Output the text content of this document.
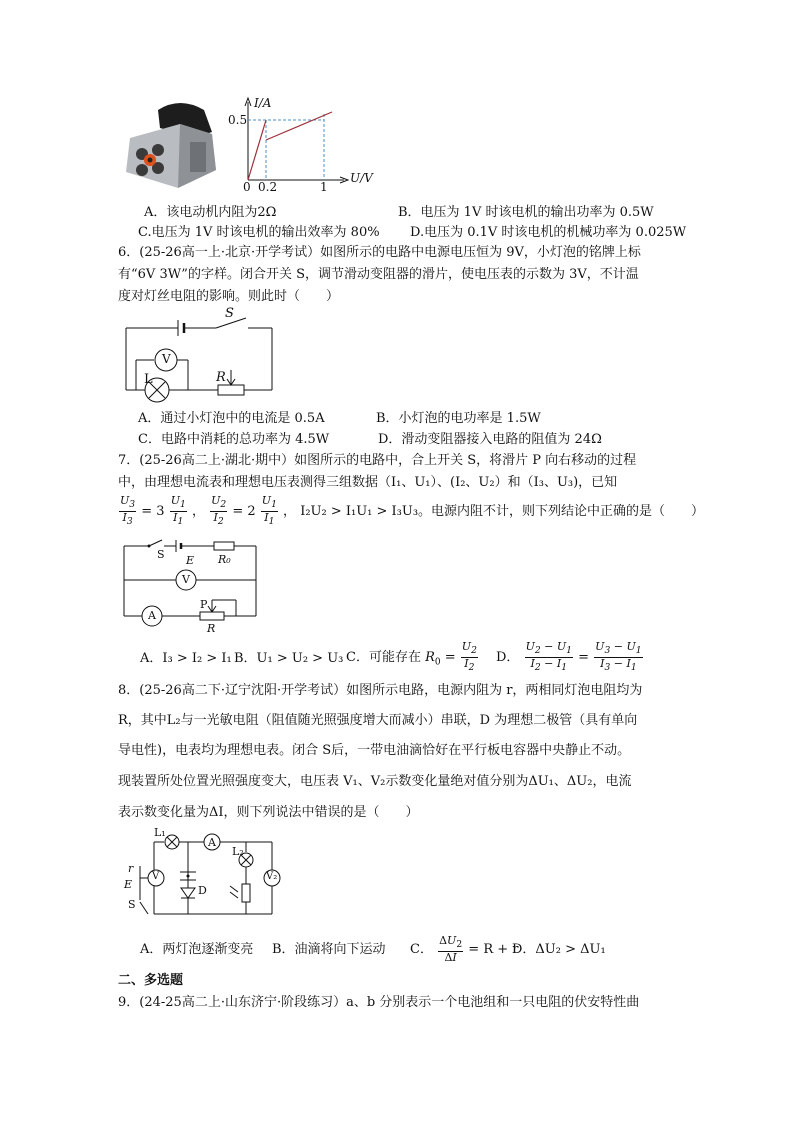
I/A
0.5
0 0.2	1
U/V
A．该电动机内阻为2Ω	B．电压为 1V 时该电机的输出功率为 0.5W
C.电压为 1V 时该电机的输出效率为 80% D.电压为 0.1V 时该电机的机械功率为 0.025W
6．(25-26高一上·北京·开学考试）如图所示的电路中电源电压恒为 9V，小灯泡的铭牌上标
有“6V 3W”的字样。闭合开关 S，调节滑动变阻器的滑片，使电压表的示数为 3V，不计温
度对灯丝电阻的影响。则此时（　　）
S
V
L	R
A．通过小灯泡中的电流是 0.5A	B．小灯泡的电功率是 1.5W
C．电路中消耗的总功率为 4.5W	D．滑动变阻器接入电路的阻值为 24Ω
7．(25-26高二上·湖北·期中）如图所示的电路中，合上开关 S，将滑片 P 向右移动的过程
中，由理想电流表和理想电压表测得三组数据（I₁、U₁）、(I₂、U₂）和（I₃、U₃)，已知
$\frac{U_3}{I_3} = 3 \frac{U_1}{I_1}$ ， $\frac{U_2}{I_2} = 2 \frac{U_1}{I_1}$ ， I₂U₂ > I₁U₁ > I₃U₃。电源内阻不计，则下列结论中正确的是（　　）
S E R₀
V
A
P
R
A．I₃ > I₂ > I₁ B．U₁ > U₂ > U₃ C．可能存在 $R_0 = \frac{U_2}{I_2}$ D． $\frac{U_2 - U_1}{I_2 - I_1} = \frac{U_3 - U_1}{I_3 - I_1}$
8．(25-26高二下·辽宁沈阳·开学考试）如图所示电路，电源内阻为 r，两相同灯泡电阻均为
R，其中L₂与一光敏电阻（阻值随光照强度增大而减小）串联，D 为理想二极管（具有单向
导电性)，电表均为理想电表。闭合 S后，一带电油滴恰好在平行板电容器中央静止不动。
现装置所处位置光照强度变大，电压表 V₁、V₂示数变化量绝对值分别为ΔU₁、ΔU₂，电流
表示数变化量为ΔI，则下列说法中错误的是（　　）
L₁
A
L₂
r
E
V
D
S
V₂
A．两灯泡逐渐变亮 B．油滴将向下运动 C． $\frac{\Delta U_2}{\Delta I} = R + r$
D．ΔU₂ > ΔU₁
二、多选题
9．(24-25高二上·山东济宁·阶段练习）a、b 分别表示一个电池组和一只电阻的伏安特性曲
